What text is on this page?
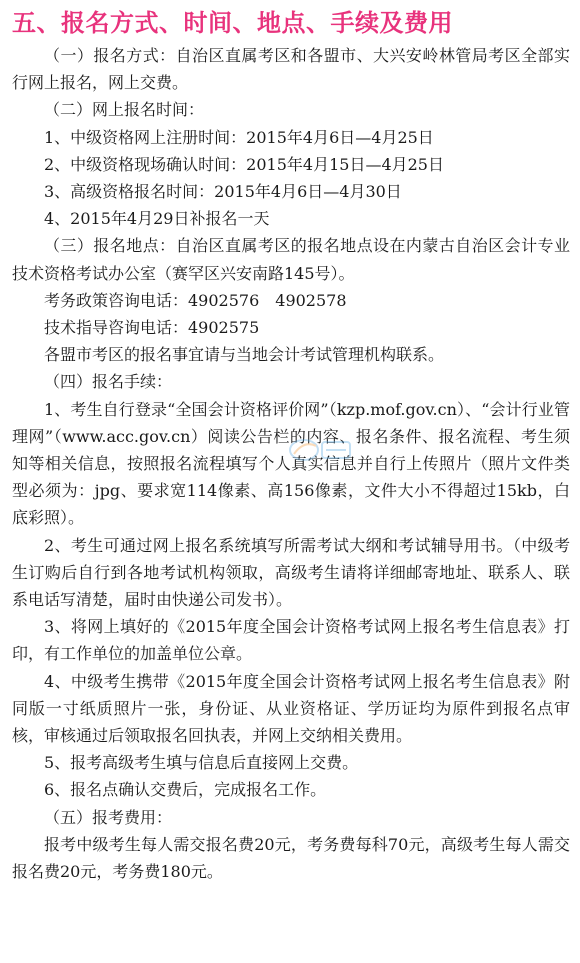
五、报名方式、时间、地点、手续及费用

（一）报名方式：自治区直属考区和各盟市、大兴安岭林管局考区全部实行网上报名，网上交费。

（二）网上报名时间：

1、中级资格网上注册时间：2015年4月6日—4月25日

2、中级资格现场确认时间：2015年4月15日—4月25日

3、高级资格报名时间：2015年4月6日—4月30日

4、2015年4月29日补报名一天

（三）报名地点：自治区直属考区的报名地点设在内蒙古自治区会计专业技术资格考试办公室（赛罕区兴安南路145号）。

考务政策咨询电话：4902576　4902578

技术指导咨询电话：4902575

各盟市考区的报名事宜请与当地会计考试管理机构联系。

（四）报名手续：

1、考生自行登录“全国会计资格评价网”（kzp.mof.gov.cn）、“会计行业管理网”（www.acc.gov.cn）阅读公告栏的内容、报名条件、报名流程、考生须知等相关信息，按照报名流程填写个人真实信息并自行上传照片（照片文件类型必须为：jpg、要求宽114像素、高156像素，文件大小不得超过15kb，白底彩照）。

2、考生可通过网上报名系统填写所需考试大纲和考试辅导用书。（中级考生订购后自行到各地考试机构领取，高级考生请将详细邮寄地址、联系人、联系电话写清楚，届时由快递公司发书）。

3、将网上填好的《2015年度全国会计资格考试网上报名考生信息表》打印，有工作单位的加盖单位公章。

4、中级考生携带《2015年度全国会计资格考试网上报名考生信息表》附同版一寸纸质照片一张，身份证、从业资格证、学历证均为原件到报名点审核，审核通过后领取报名回执表，并网上交纳相关费用。

5、报考高级考生填与信息后直接网上交费。

6、报名点确认交费后，完成报名工作。

（五）报考费用：

报考中级考生每人需交报名费20元，考务费每科70元，高级考生每人需交报名费20元，考务费180元。
